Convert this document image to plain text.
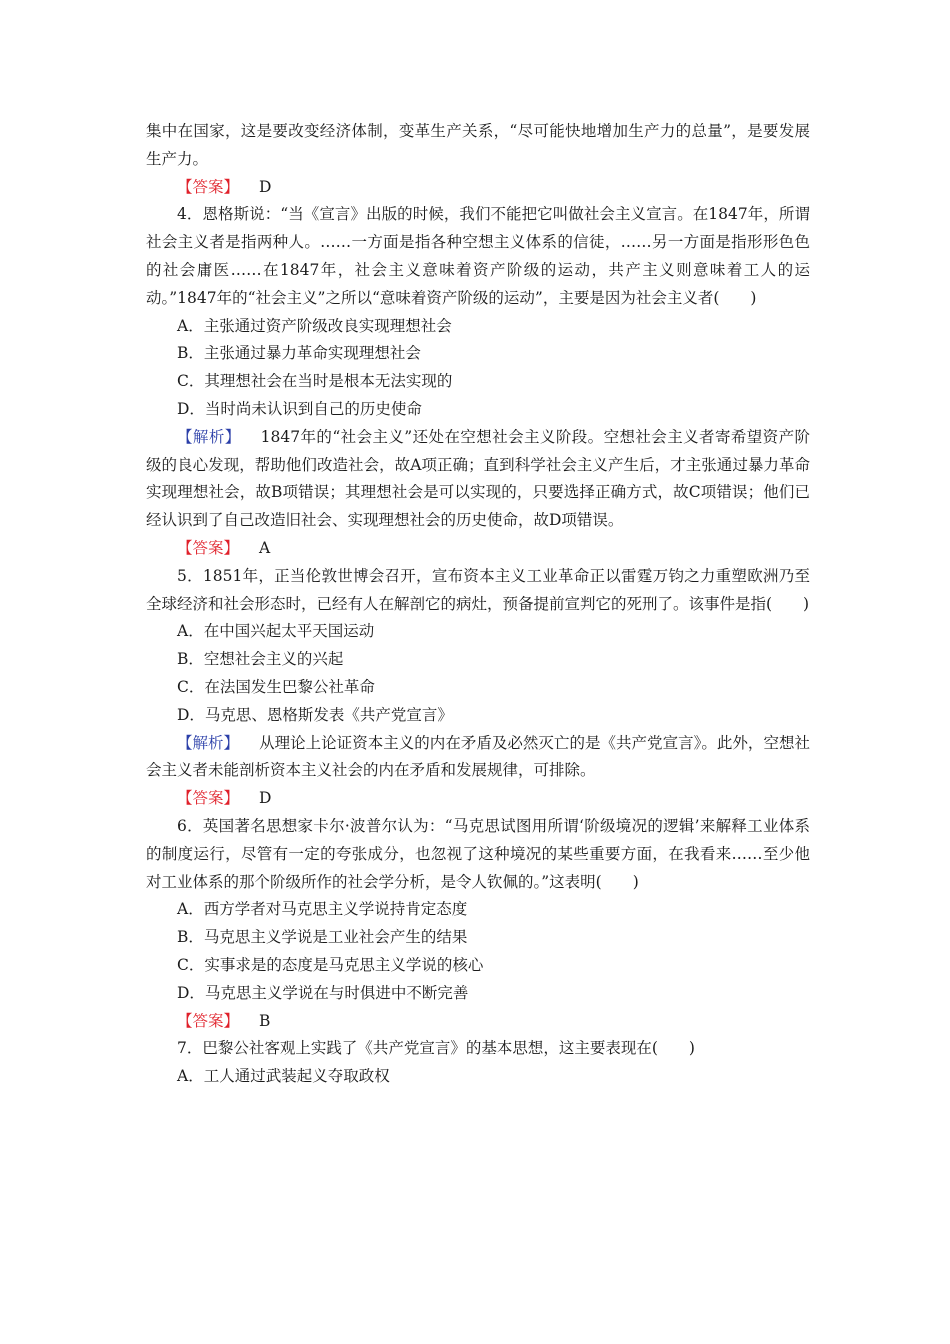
集中在国家，这是要改变经济体制，变革生产关系，“尽可能快地增加生产力的总量”，是要发展生产力。

【答案】 D

4．恩格斯说：“当《宣言》出版的时候，我们不能把它叫做社会主义宣言。在1847年，所谓社会主义者是指两种人。……一方面是指各种空想主义体系的信徒，……另一方面是指形形色色的社会庸医……在1847年，社会主义意味着资产阶级的运动，共产主义则意味着工人的运动。”1847年的“社会主义”之所以“意味着资产阶级的运动”，主要是因为社会主义者(　　)

A．主张通过资产阶级改良实现理想社会

B．主张通过暴力革命实现理想社会

C．其理想社会在当时是根本无法实现的

D．当时尚未认识到自己的历史使命

【解析】 1847年的“社会主义”还处在空想社会主义阶段。空想社会主义者寄希望资产阶级的良心发现，帮助他们改造社会，故A项正确；直到科学社会主义产生后，才主张通过暴力革命实现理想社会，故B项错误；其理想社会是可以实现的，只要选择正确方式，故C项错误；他们已经认识到了自己改造旧社会、实现理想社会的历史使命，故D项错误。

【答案】 A

5．1851年，正当伦敦世博会召开，宣布资本主义工业革命正以雷霆万钧之力重塑欧洲乃至全球经济和社会形态时，已经有人在解剖它的病灶，预备提前宣判它的死刑了。该事件是指(　　)

A．在中国兴起太平天国运动

B．空想社会主义的兴起

C．在法国发生巴黎公社革命

D．马克思、恩格斯发表《共产党宣言》

【解析】 从理论上论证资本主义的内在矛盾及必然灭亡的是《共产党宣言》。此外，空想社会主义者未能剖析资本主义社会的内在矛盾和发展规律，可排除。

【答案】 D

6．英国著名思想家卡尔·波普尔认为：“马克思试图用所谓‘阶级境况的逻辑’来解释工业体系的制度运行，尽管有一定的夸张成分，也忽视了这种境况的某些重要方面，在我看来……至少他对工业体系的那个阶级所作的社会学分析，是令人钦佩的。”这表明(　　)

A．西方学者对马克思主义学说持肯定态度

B．马克思主义学说是工业社会产生的结果

C．实事求是的态度是马克思主义学说的核心

D．马克思主义学说在与时俱进中不断完善

【答案】 B

7．巴黎公社客观上实践了《共产党宣言》的基本思想，这主要表现在(　　)

A．工人通过武装起义夺取政权
